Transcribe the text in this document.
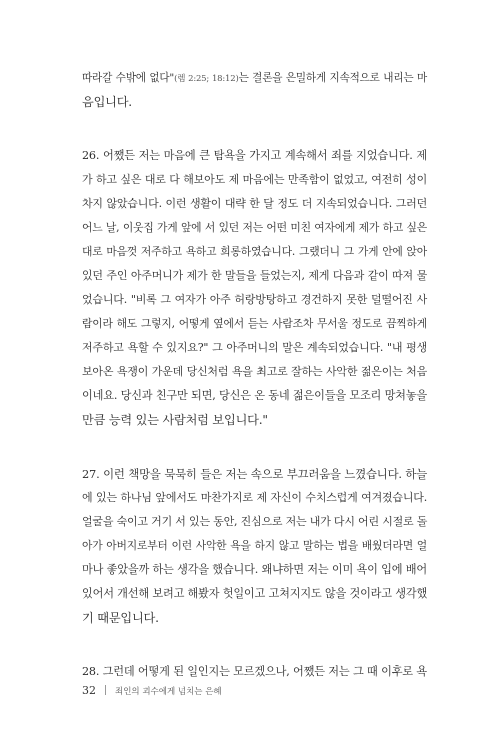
따라갈 수밖에 없다"(렘 2:25; 18:12)는 결론을 은밀하게 지속적으로 내리는 마
음입니다.
26. 어쨌든 저는 마음에 큰 탐욕을 가지고 계속해서 죄를 지었습니다. 제
가 하고 싶은 대로 다 해보아도 제 마음에는 만족함이 없었고, 여전히 성이
차지 않았습니다. 이런 생활이 대략 한 달 정도 더 지속되었습니다. 그러던
어느 날, 이웃집 가게 앞에 서 있던 저는 어떤 미친 여자에게 제가 하고 싶은
대로 마음껏 저주하고 욕하고 희롱하였습니다. 그랬더니 그 가게 안에 앉아
있던 주인 아주머니가 제가 한 말들을 들었는지, 제게 다음과 같이 따져 물
었습니다. "비록 그 여자가 아주 허랑방탕하고 경건하지 못한 덜떨어진 사
람이라 해도 그렇지, 어떻게 옆에서 듣는 사람조차 무서울 정도로 끔찍하게
저주하고 욕할 수 있지요?" 그 아주머니의 말은 계속되었습니다. "내 평생
보아온 욕쟁이 가운데 당신처럼 욕을 최고로 잘하는 사악한 젊은이는 처음
이네요. 당신과 친구만 되면, 당신은 온 동네 젊은이들을 모조리 망쳐놓을
만큼 능력 있는 사람처럼 보입니다."
27. 이런 책망을 묵묵히 들은 저는 속으로 부끄러움을 느꼈습니다. 하늘
에 있는 하나님 앞에서도 마찬가지로 제 자신이 수치스럽게 여겨졌습니다.
얼굴을 숙이고 거기 서 있는 동안, 진심으로 저는 내가 다시 어린 시절로 돌
아가 아버지로부터 이런 사악한 욕을 하지 않고 말하는 법을 배웠더라면 얼
마나 좋았을까 하는 생각을 했습니다. 왜냐하면 저는 이미 욕이 입에 배어
있어서 개선해 보려고 해봤자 헛일이고 고쳐지지도 않을 것이라고 생각했
기 때문입니다.
28. 그런데 어떻게 된 일인지는 모르겠으나, 어쨌든 저는 그 때 이후로 욕
32 죄인의 괴수에게 넘치는 은혜
